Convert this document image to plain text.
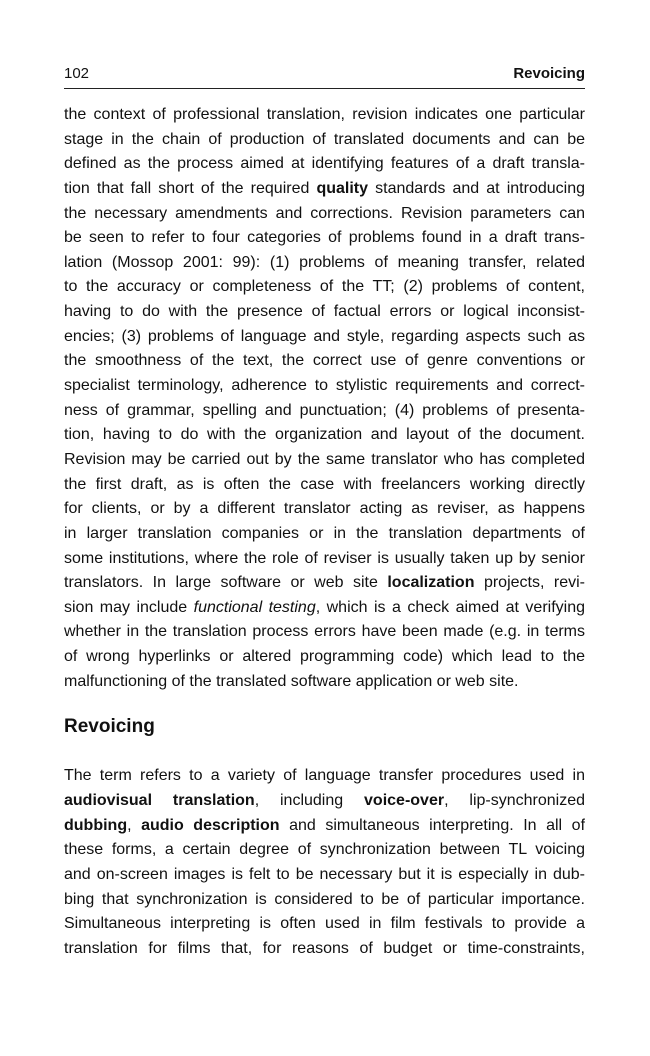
102	Revoicing
the context of professional translation, revision indicates one particular
stage in the chain of production of translated documents and can be
defined as the process aimed at identifying features of a draft transla-
tion that fall short of the required quality standards and at introducing
the necessary amendments and corrections. Revision parameters can
be seen to refer to four categories of problems found in a draft trans-
lation (Mossop 2001: 99): (1) problems of meaning transfer, related
to the accuracy or completeness of the TT; (2) problems of content,
having to do with the presence of factual errors or logical inconsist-
encies; (3) problems of language and style, regarding aspects such as
the smoothness of the text, the correct use of genre conventions or
specialist terminology, adherence to stylistic requirements and correct-
ness of grammar, spelling and punctuation; (4) problems of presenta-
tion, having to do with the organization and layout of the document.
Revision may be carried out by the same translator who has completed
the first draft, as is often the case with freelancers working directly
for clients, or by a different translator acting as reviser, as happens
in larger translation companies or in the translation departments of
some institutions, where the role of reviser is usually taken up by senior
translators. In large software or web site localization projects, revi-
sion may include functional testing, which is a check aimed at verifying
whether in the translation process errors have been made (e.g. in terms
of wrong hyperlinks or altered programming code) which lead to the
malfunctioning of the translated software application or web site.
Revoicing
The term refers to a variety of language transfer procedures used in
audiovisual translation, including voice-over, lip-synchronized
dubbing, audio description and simultaneous interpreting. In all of
these forms, a certain degree of synchronization between TL voicing
and on-screen images is felt to be necessary but it is especially in dub-
bing that synchronization is considered to be of particular importance.
Simultaneous interpreting is often used in film festivals to provide a
translation for films that, for reasons of budget or time-constraints,
